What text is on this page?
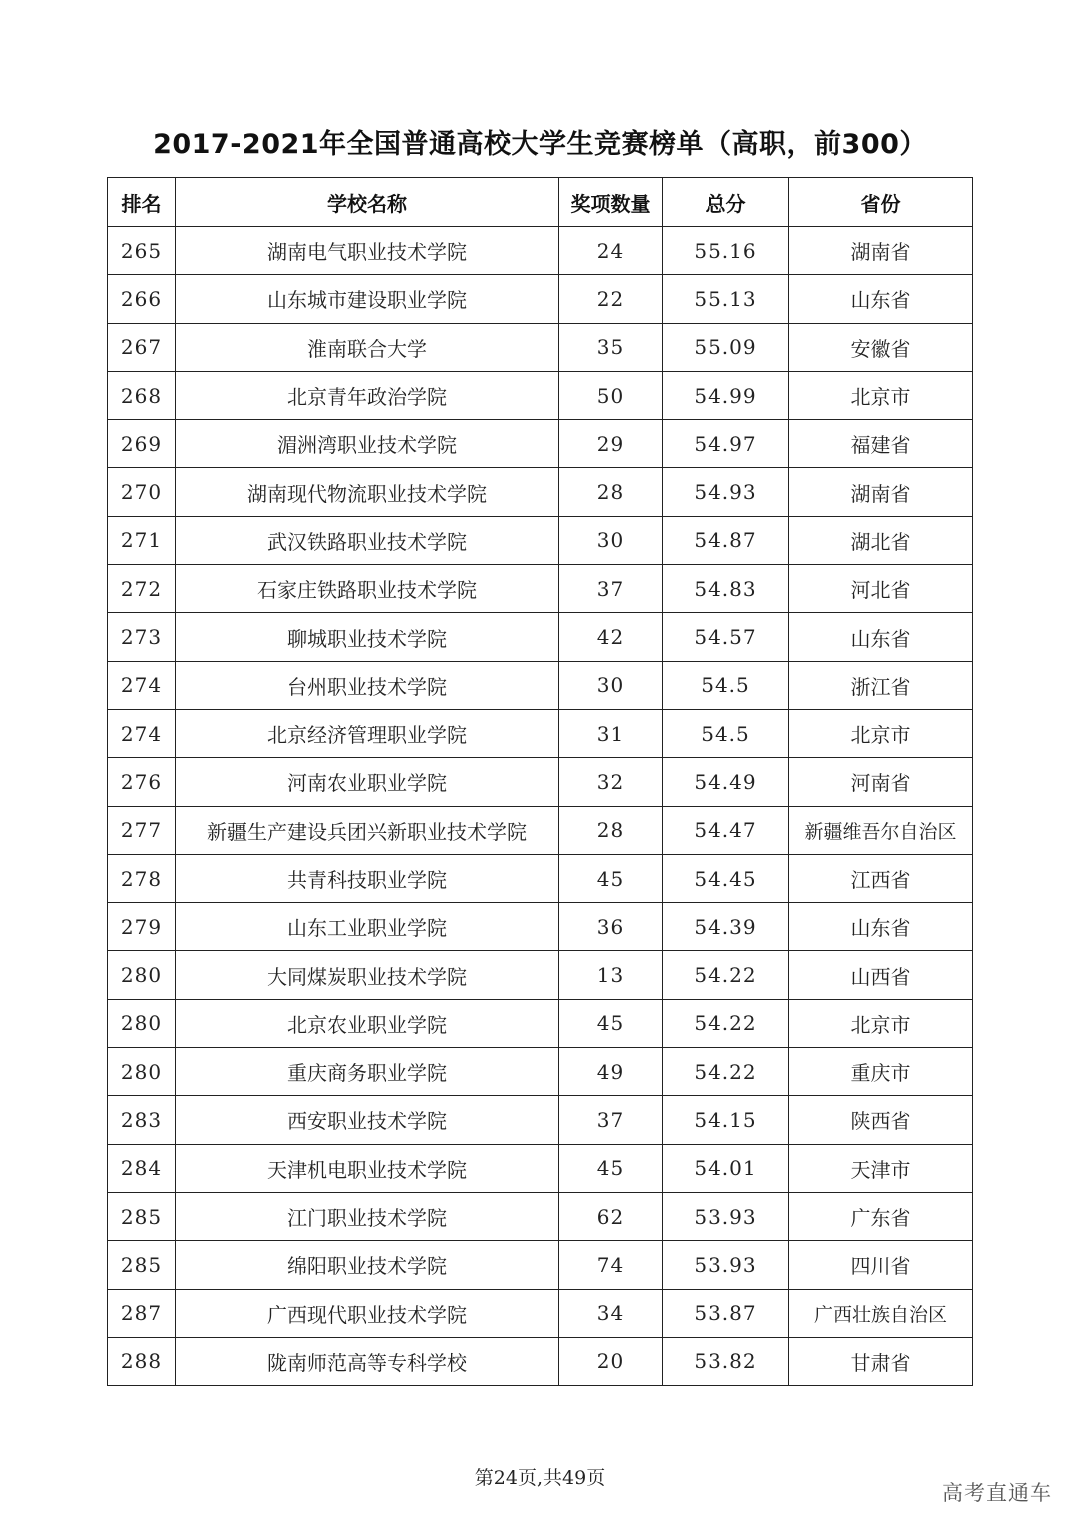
2017-2021年全国普通高校大学生竞赛榜单（高职，前300）
排名	学校名称	奖项数量	总分	省份
265	湖南电气职业技术学院	24	55.16	湖南省
266	山东城市建设职业学院	22	55.13	山东省
267	淮南联合大学	35	55.09	安徽省
268	北京青年政治学院	50	54.99	北京市
269	湄洲湾职业技术学院	29	54.97	福建省
270	湖南现代物流职业技术学院	28	54.93	湖南省
271	武汉铁路职业技术学院	30	54.87	湖北省
272	石家庄铁路职业技术学院	37	54.83	河北省
273	聊城职业技术学院	42	54.57	山东省
274	台州职业技术学院	30	54.5	浙江省
274	北京经济管理职业学院	31	54.5	北京市
276	河南农业职业学院	32	54.49	河南省
277	新疆生产建设兵团兴新职业技术学院	28	54.47	新疆维吾尔自治区
278	共青科技职业学院	45	54.45	江西省
279	山东工业职业学院	36	54.39	山东省
280	大同煤炭职业技术学院	13	54.22	山西省
280	北京农业职业学院	45	54.22	北京市
280	重庆商务职业学院	49	54.22	重庆市
283	西安职业技术学院	37	54.15	陕西省
284	天津机电职业技术学院	45	54.01	天津市
285	江门职业技术学院	62	53.93	广东省
285	绵阳职业技术学院	74	53.93	四川省
287	广西现代职业技术学院	34	53.87	广西壮族自治区
288	陇南师范高等专科学校	20	53.82	甘肃省
第24页,共49页
高考直通车
